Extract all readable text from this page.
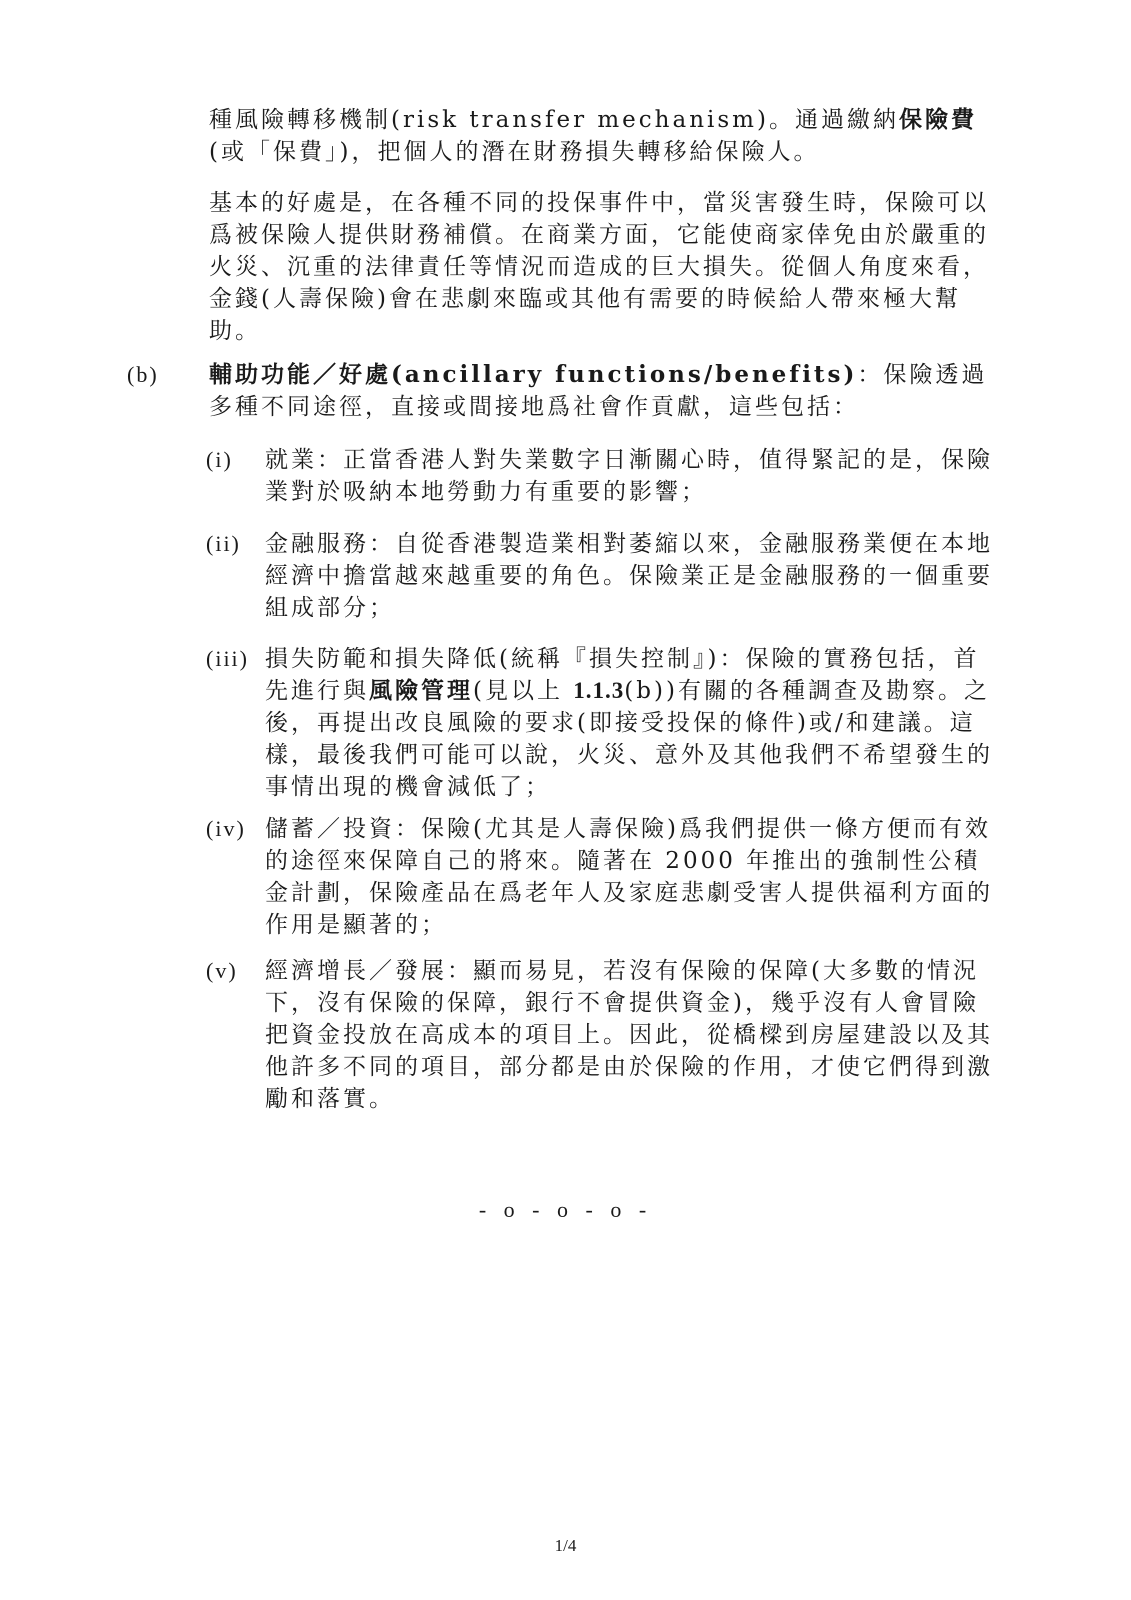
種風險轉移機制(risk transfer mechanism)。通過繳納保險費(或「保費」)，把個人的潛在財務損失轉移給保險人。

基本的好處是，在各種不同的投保事件中，當災害發生時，保險可以爲被保險人提供財務補償。在商業方面，它能使商家倖免由於嚴重的火災、沉重的法律責任等情況而造成的巨大損失。從個人角度來看，金錢(人壽保險)會在悲劇來臨或其他有需要的時候給人帶來極大幫助。

(b) 輔助功能／好處(ancillary functions/benefits)：保險透過多種不同途徑，直接或間接地爲社會作貢獻，這些包括：

(i) 就業：正當香港人對失業數字日漸關心時，值得緊記的是，保險業對於吸納本地勞動力有重要的影響；

(ii) 金融服務：自從香港製造業相對萎縮以來，金融服務業便在本地經濟中擔當越來越重要的角色。保險業正是金融服務的一個重要組成部分；

(iii) 損失防範和損失降低(統稱『損失控制』)：保險的實務包括，首先進行與風險管理(見以上 1.1.3(b))有關的各種調查及勘察。之後，再提出改良風險的要求(即接受投保的條件)或/和建議。這樣，最後我們可能可以說，火災、意外及其他我們不希望發生的事情出現的機會減低了；

(iv) 儲蓄／投資：保險(尤其是人壽保險)爲我們提供一條方便而有效的途徑來保障自己的將來。隨著在 2000 年推出的強制性公積金計劃，保險產品在爲老年人及家庭悲劇受害人提供福利方面的作用是顯著的；

(v) 經濟增長／發展：顯而易見，若沒有保險的保障(大多數的情況下，沒有保險的保障，銀行不會提供資金)，幾乎沒有人會冒險把資金投放在高成本的項目上。因此，從橋樑到房屋建設以及其他許多不同的項目，部分都是由於保險的作用，才使它們得到激勵和落實。

- o - o - o -
1/4
